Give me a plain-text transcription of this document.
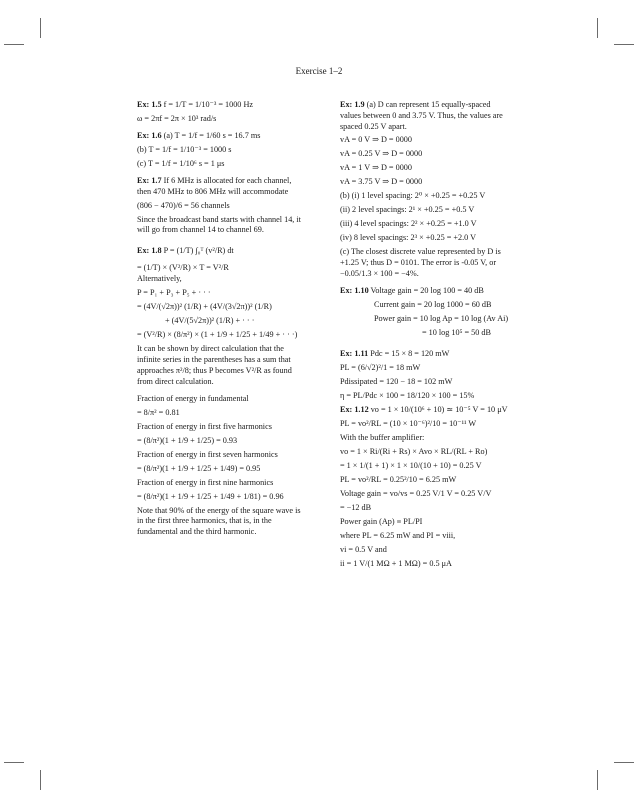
Exercise 1–2
Ex: 1.5 f = 1/T = 1/10⁻³ = 1000 Hz
ω = 2πf = 2π × 10³ rad/s
Ex: 1.6 (a) T = 1/f = 1/60 s = 16.7 ms
(b) T = 1/f = 1/10⁻³ = 1000 s
(c) T = 1/f = 1/10⁶ s = 1 μs
Ex: 1.7 If 6 MHz is allocated for each channel, then 470 MHz to 806 MHz will accommodate
(806 − 470)/6 = 56 channels
Since the broadcast band starts with channel 14, it will go from channel 14 to channel 69.
Ex: 1.8 P = (1/T) ∫₀ᵀ (v²/R) dt
= (1/T) × (V²/R) × T = V²/R
Alternatively,
P = P₁ + P₃ + P₅ + · · ·
= (4V/(√2π))² (1/R) + (4V/(3√2π))² (1/R)
+ (4V/(5√2π))² (1/R) + · · ·
= (V²/R) × (8/π²) × (1 + 1/9 + 1/25 + 1/49 + · · ·)
It can be shown by direct calculation that the infinite series in the parentheses has a sum that approaches π²/8; thus P becomes V²/R as found from direct calculation.
Fraction of energy in fundamental
= 8/π² = 0.81
Fraction of energy in first five harmonics
= (8/π²)(1 + 1/9 + 1/25) = 0.93
Fraction of energy in first seven harmonics
= (8/π²)(1 + 1/9 + 1/25 + 1/49) = 0.95
Fraction of energy in first nine harmonics
= (8/π²)(1 + 1/9 + 1/25 + 1/49 + 1/81) = 0.96
Note that 90% of the energy of the square wave is in the first three harmonics, that is, in the fundamental and the third harmonic.
Ex: 1.9 (a) D can represent 15 equally-spaced values between 0 and 3.75 V. Thus, the values are spaced 0.25 V apart.
vA = 0 V ⇒ D = 0000
vA = 0.25 V ⇒ D = 0000
vA = 1 V ⇒ D = 0000
vA = 3.75 V ⇒ D = 0000
(b) (i) 1 level spacing: 2⁰ × +0.25 = +0.25 V
(ii) 2 level spacings: 2¹ × +0.25 = +0.5 V
(iii) 4 level spacings: 2² × +0.25 = +1.0 V
(iv) 8 level spacings: 2³ × +0.25 = +2.0 V
(c) The closest discrete value represented by D is +1.25 V; thus D = 0101. The error is -0.05 V, or −0.05/1.3 × 100 = −4%.
Ex: 1.10 Voltage gain = 20 log 100 = 40 dB
Current gain = 20 log 1000 = 60 dB
Power gain = 10 log Ap = 10 log (Av Ai)
= 10 log 10⁵ = 50 dB
Ex: 1.11 Pdc = 15 × 8 = 120 mW
PL = (6/√2)²/1 = 18 mW
Pdissipated = 120 − 18 = 102 mW
η = PL/Pdc × 100 = 18/120 × 100 = 15%
Ex: 1.12 vo = 1 × 10/(10⁶ + 10) ≃ 10⁻⁵ V = 10 μV
PL = vo²/RL = (10 × 10⁻⁶)²/10 = 10⁻¹¹ W
With the buffer amplifier:
vo = 1 × Ri/(Ri + Rs) × Avo × RL/(RL + Ro)
= 1 × 1/(1 + 1) × 1 × 10/(10 + 10) = 0.25 V
PL = vo²/RL = 0.25²/10 = 6.25 mW
Voltage gain = vo/vs = 0.25 V/1 V = 0.25 V/V
= −12 dB
Power gain (Ap) ≡ PL/PI
where PL = 6.25 mW and PI = viii,
vi = 0.5 V and
ii = 1 V/(1 MΩ + 1 MΩ) = 0.5 μA
